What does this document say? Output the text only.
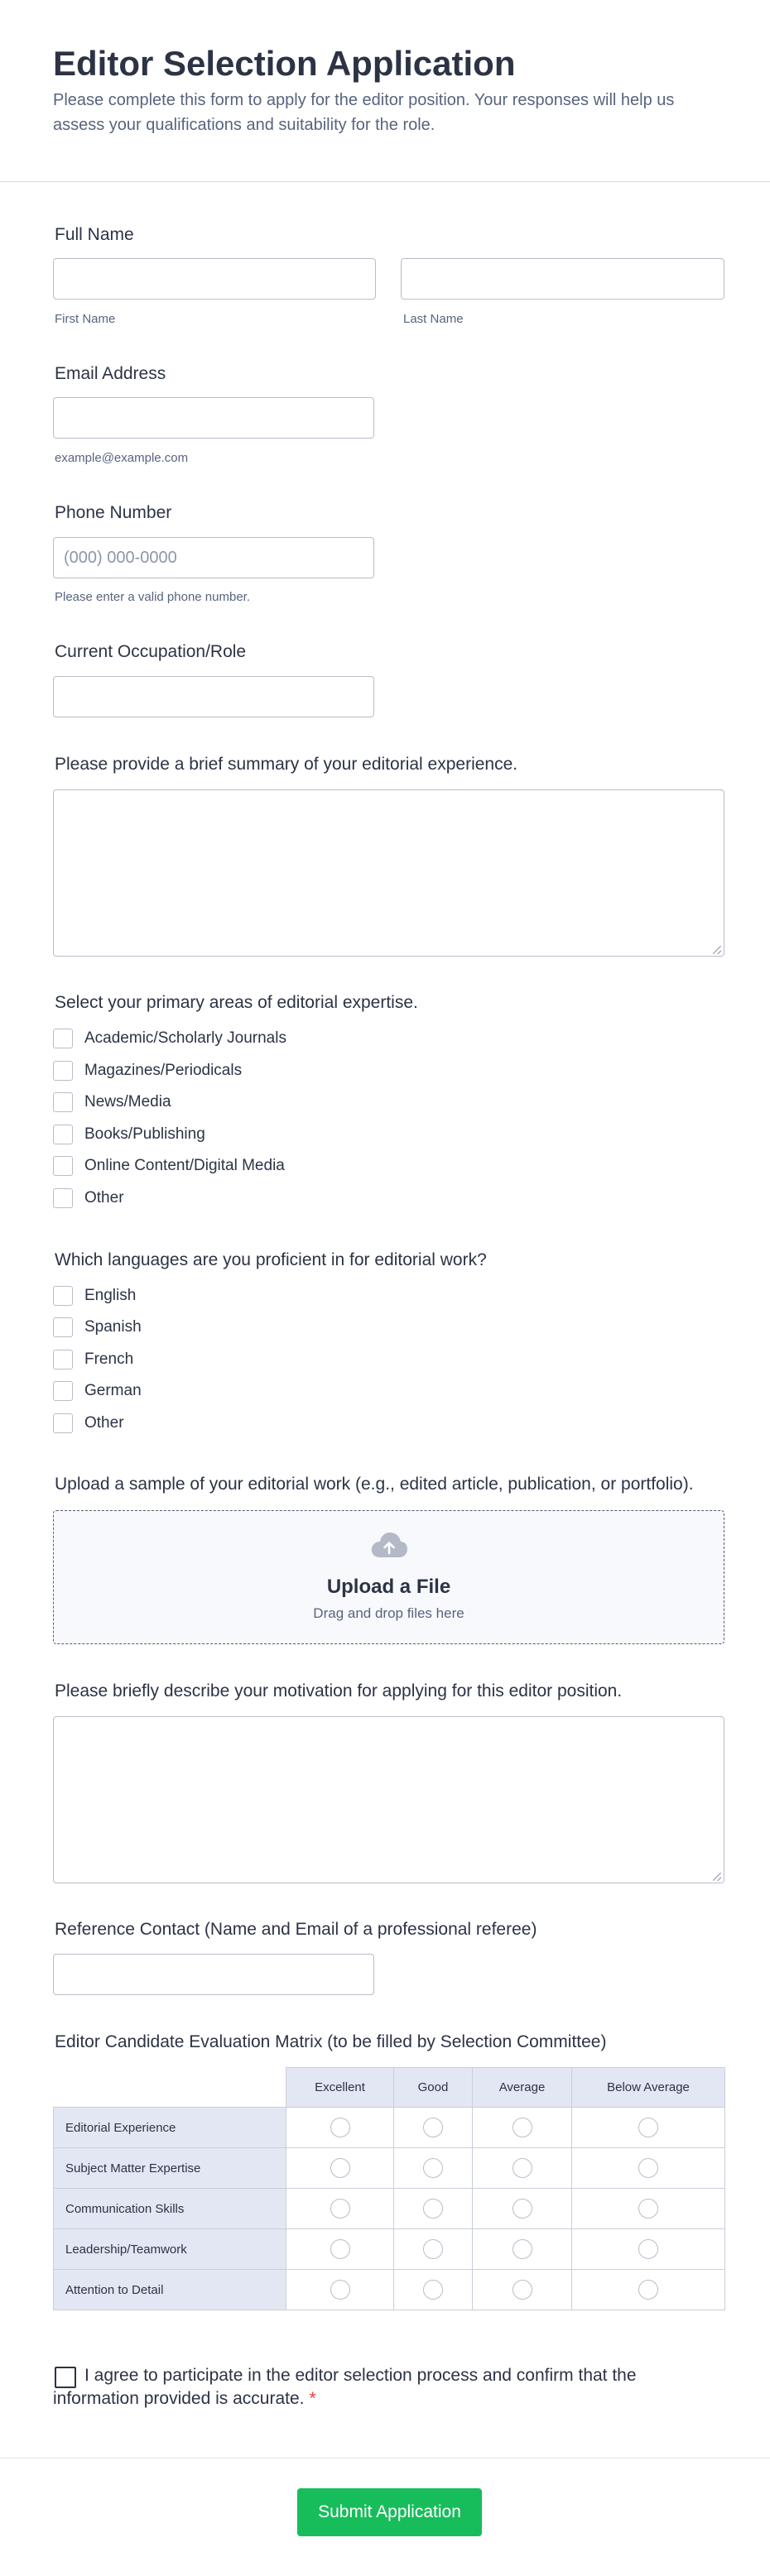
Editor Selection Application
Please complete this form to apply for the editor position. Your responses will help us assess your qualifications and suitability for the role.
Full Name
First Name	Last Name
Email Address
example@example.com
Phone Number
(000) 000-0000
Please enter a valid phone number.
Current Occupation/Role
Please provide a brief summary of your editorial experience.
Select your primary areas of editorial expertise.
Academic/Scholarly Journals
Magazines/Periodicals
News/Media
Books/Publishing
Online Content/Digital Media
Other
Which languages are you proficient in for editorial work?
English
Spanish
French
German
Other
Upload a sample of your editorial work (e.g., edited article, publication, or portfolio).
Upload a File
Drag and drop files here
Please briefly describe your motivation for applying for this editor position.
Reference Contact (Name and Email of a professional referee)
Editor Candidate Evaluation Matrix (to be filled by Selection Committee)
	Excellent	Good	Average	Below Average
Editorial Experience				
Subject Matter Expertise				
Communication Skills				
Leadership/Teamwork				
Attention to Detail				
I agree to participate in the editor selection process and confirm that the information provided is accurate. *
Submit Application
